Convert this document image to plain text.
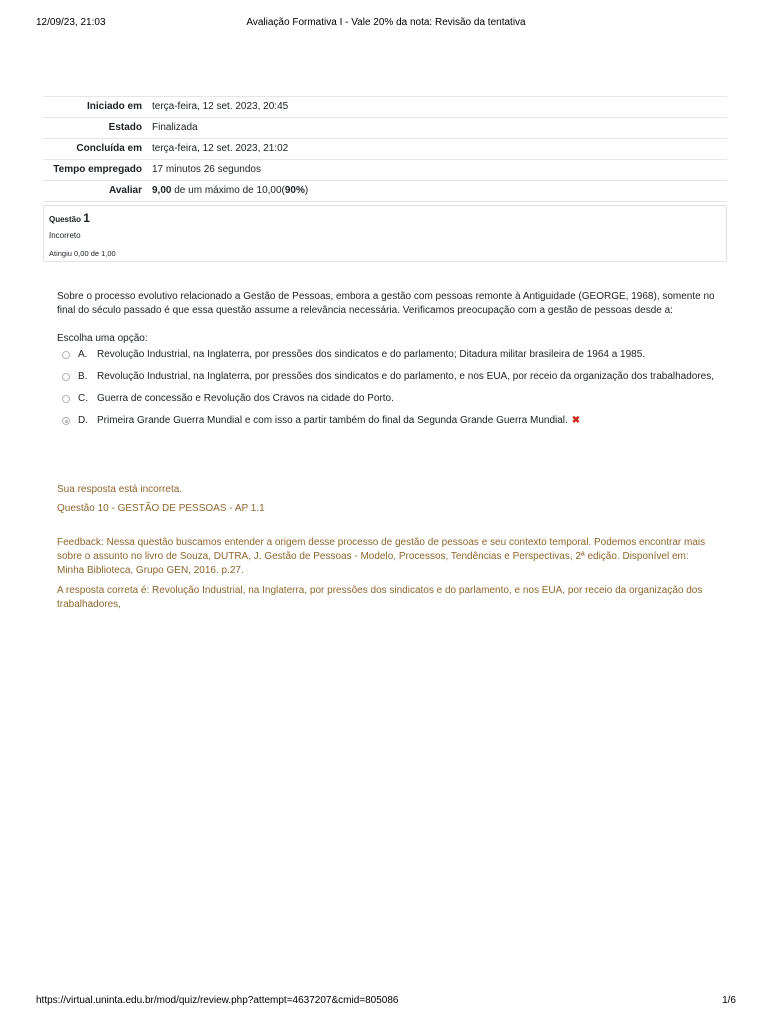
12/09/23, 21:03	Avaliação Formativa I - Vale 20% da nota: Revisão da tentativa
Iniciado em	terça-feira, 12 set. 2023, 20:45
Estado	Finalizada
Concluída em	terça-feira, 12 set. 2023, 21:02
Tempo empregado	17 minutos 26 segundos
Avaliar	9,00 de um máximo de 10,00(90%)
Questão 1
Incorreto
Atingiu 0,00 de 1,00

Sobre o processo evolutivo relacionado a Gestão de Pessoas, embora a gestão com pessoas remonte à Antiguidade (GEORGE, 1968), somente no final do século passado é que essa questão assume a relevância necessária. Verificamos preocupação com a gestão de pessoas desde a:

Escolha uma opção:
A. Revolução Industrial, na Inglaterra, por pressões dos sindicatos e do parlamento; Ditadura militar brasileira de 1964 a 1985.
B. Revolução Industrial, na Inglaterra, por pressões dos sindicatos e do parlamento, e nos EUA, por receio da organização dos trabalhadores,
C. Guerra de concessão e Revolução dos Cravos na cidade do Porto.
D. Primeira Grande Guerra Mundial e com isso a partir também do final da Segunda Grande Guerra Mundial. ✖

Sua resposta está incorreta.

Questão 10 - GESTÃO DE PESSOAS - AP 1.1

Feedback: Nessa questão buscamos entender a origem desse processo de gestão de pessoas e seu contexto temporal. Podemos encontrar mais sobre o assunto no livro de Souza, DUTRA, J. Gestão de Pessoas - Modelo, Processos, Tendências e Perspectivas, 2ª edição. Disponível em: Minha Biblioteca, Grupo GEN, 2016. p.27.

A resposta correta é: Revolução Industrial, na Inglaterra, por pressões dos sindicatos e do parlamento, e nos EUA, por receio da organização dos trabalhadores,

https://virtual.uninta.edu.br/mod/quiz/review.php?attempt=4637207&cmid=805086	1/6
